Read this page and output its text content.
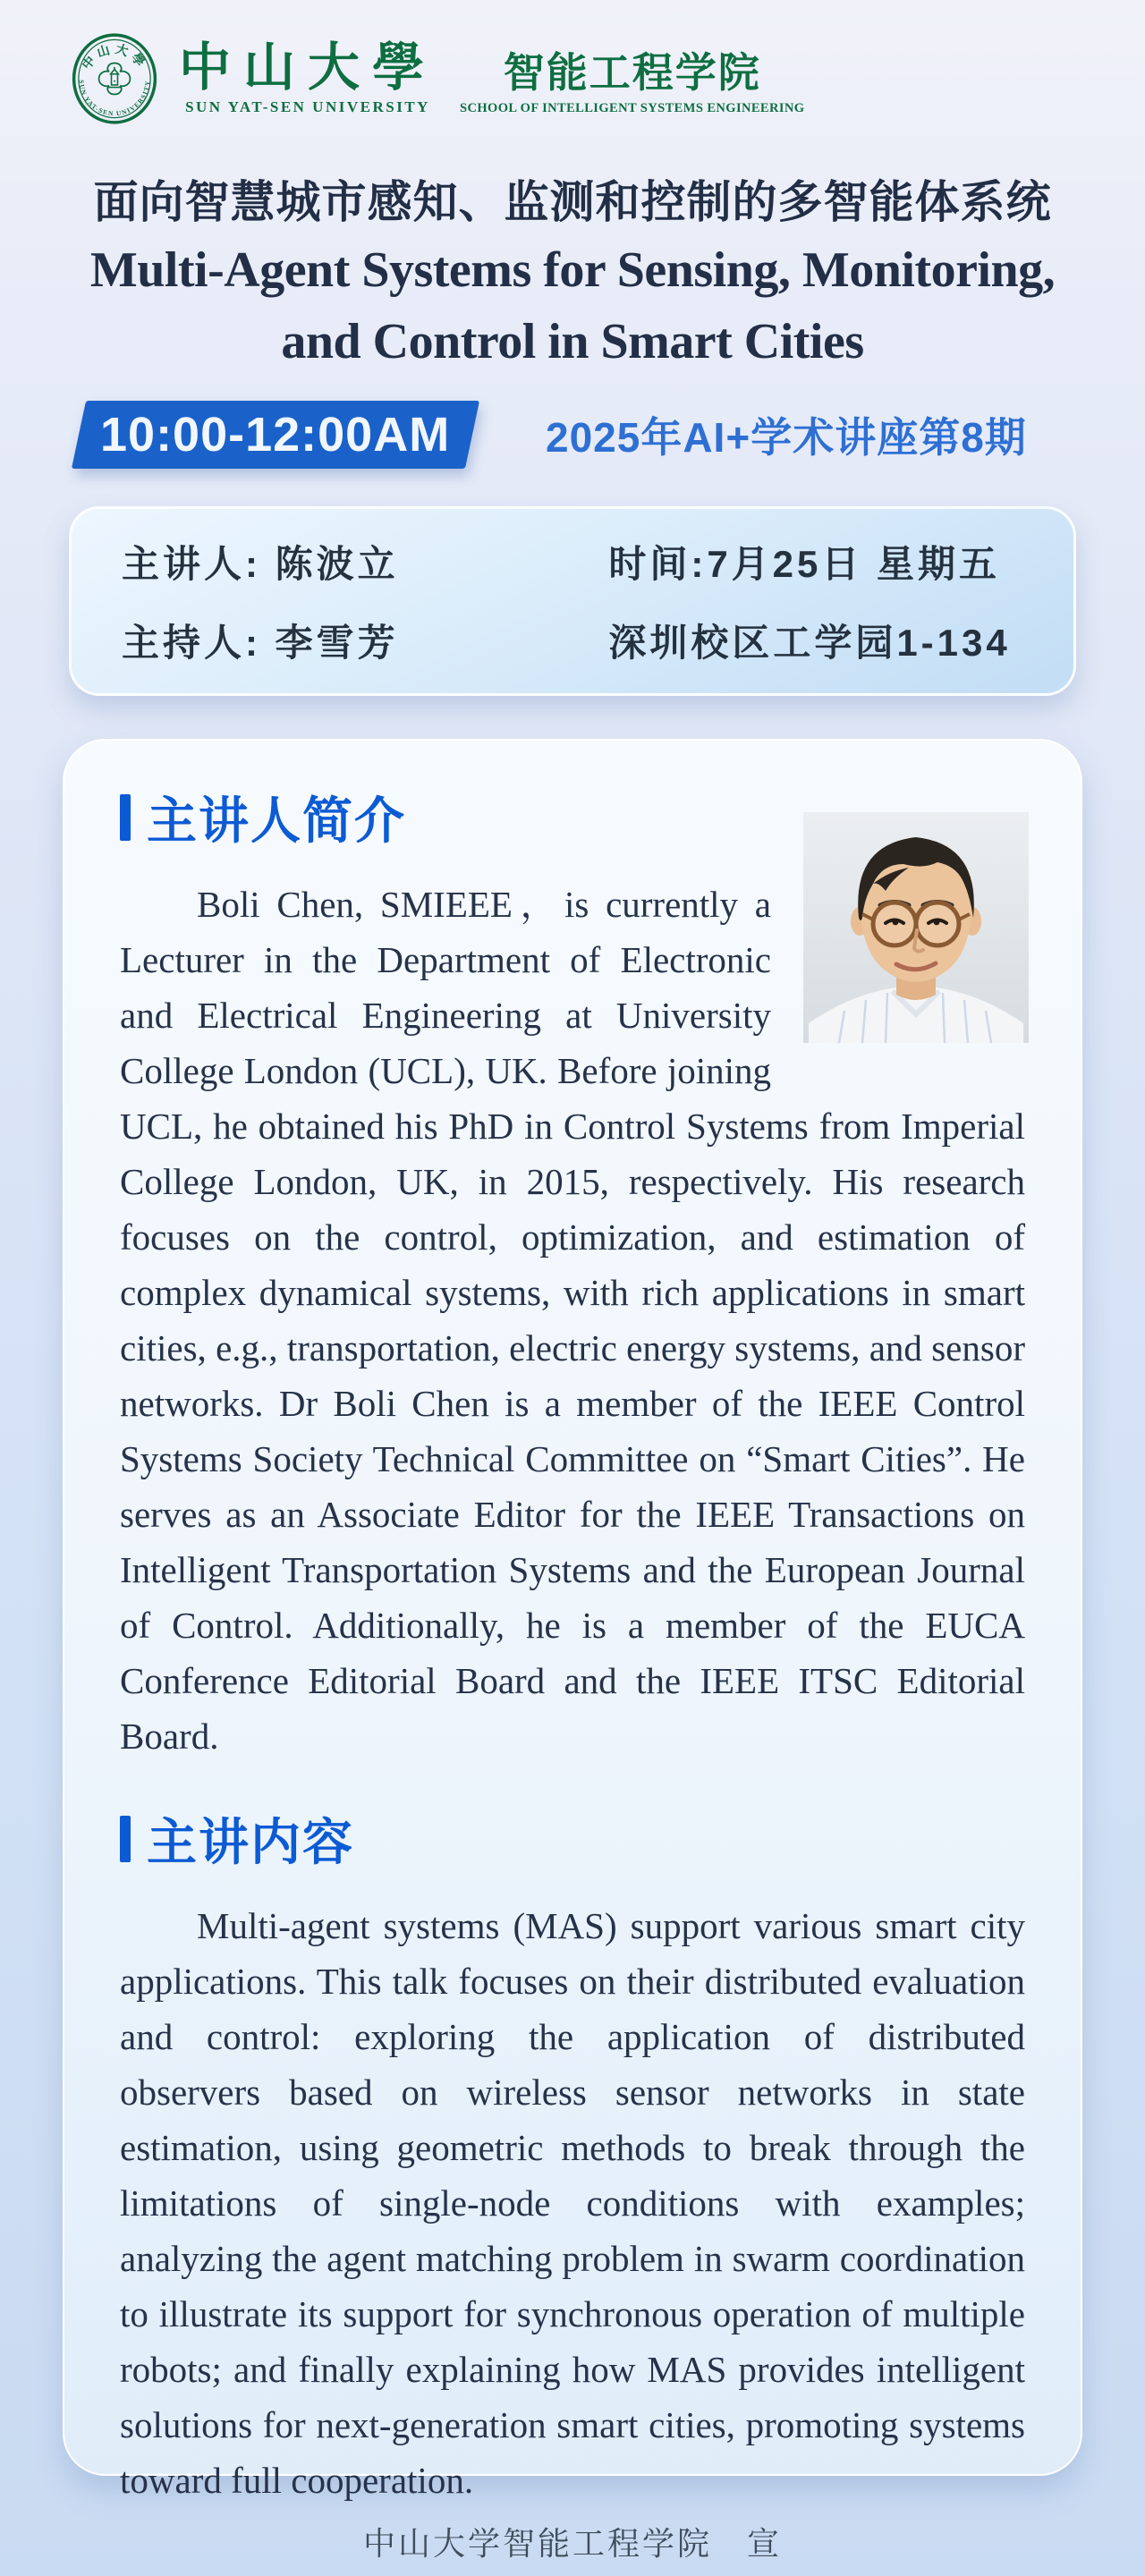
中山大學
SUN YAT-SEN UNIVERSITY 中山大學
SUN YAT-SEN UNIVERSITY
智能工程学院
SCHOOL OF INTELLIGENT SYSTEMS ENGINEERING
面向智慧城市感知、监测和控制的多智能体系统
Multi-Agent Systems for Sensing, Monitoring,
and Control in Smart Cities
10:00-12:00AM 2025年AI+学术讲座第8期
主讲人: 陈波立	时间:7月25日 星期五
主持人: 李雪芳	深圳校区工学园1-134
主讲人简介

Boli Chen, SMIEEE，is currently a Lecturer in the Department of Electronic and Electrical Engineering at University College London (UCL), UK. Before joining UCL, he obtained his PhD in Control Systems from Imperial College London, UK, in 2015, respectively. His research focuses on the control, optimization, and estimation of complex dynamical systems, with rich applications in smart cities, e.g., transportation, electric energy systems, and sensor networks. Dr Boli Chen is a member of the IEEE Control Systems Society Technical Committee on “Smart Cities”. He serves as an Associate Editor for the IEEE Transactions on Intelligent Transportation Systems and the European Journal of Control. Additionally, he is a member of the EUCA Conference Editorial Board and the IEEE ITSC Editorial Board.

主讲内容

Multi-agent systems (MAS) support various smart city applications. This talk focuses on their distributed evaluation and control: exploring the application of distributed observers based on wireless sensor networks in state estimation, using geometric methods to break through the limitations of single-node conditions with examples; analyzing the agent matching problem in swarm coordination to illustrate its support for synchronous operation of multiple robots; and finally explaining how MAS provides intelligent solutions for next-generation smart cities, promoting systems toward full cooperation.

中山大学智能工程学院　宣
